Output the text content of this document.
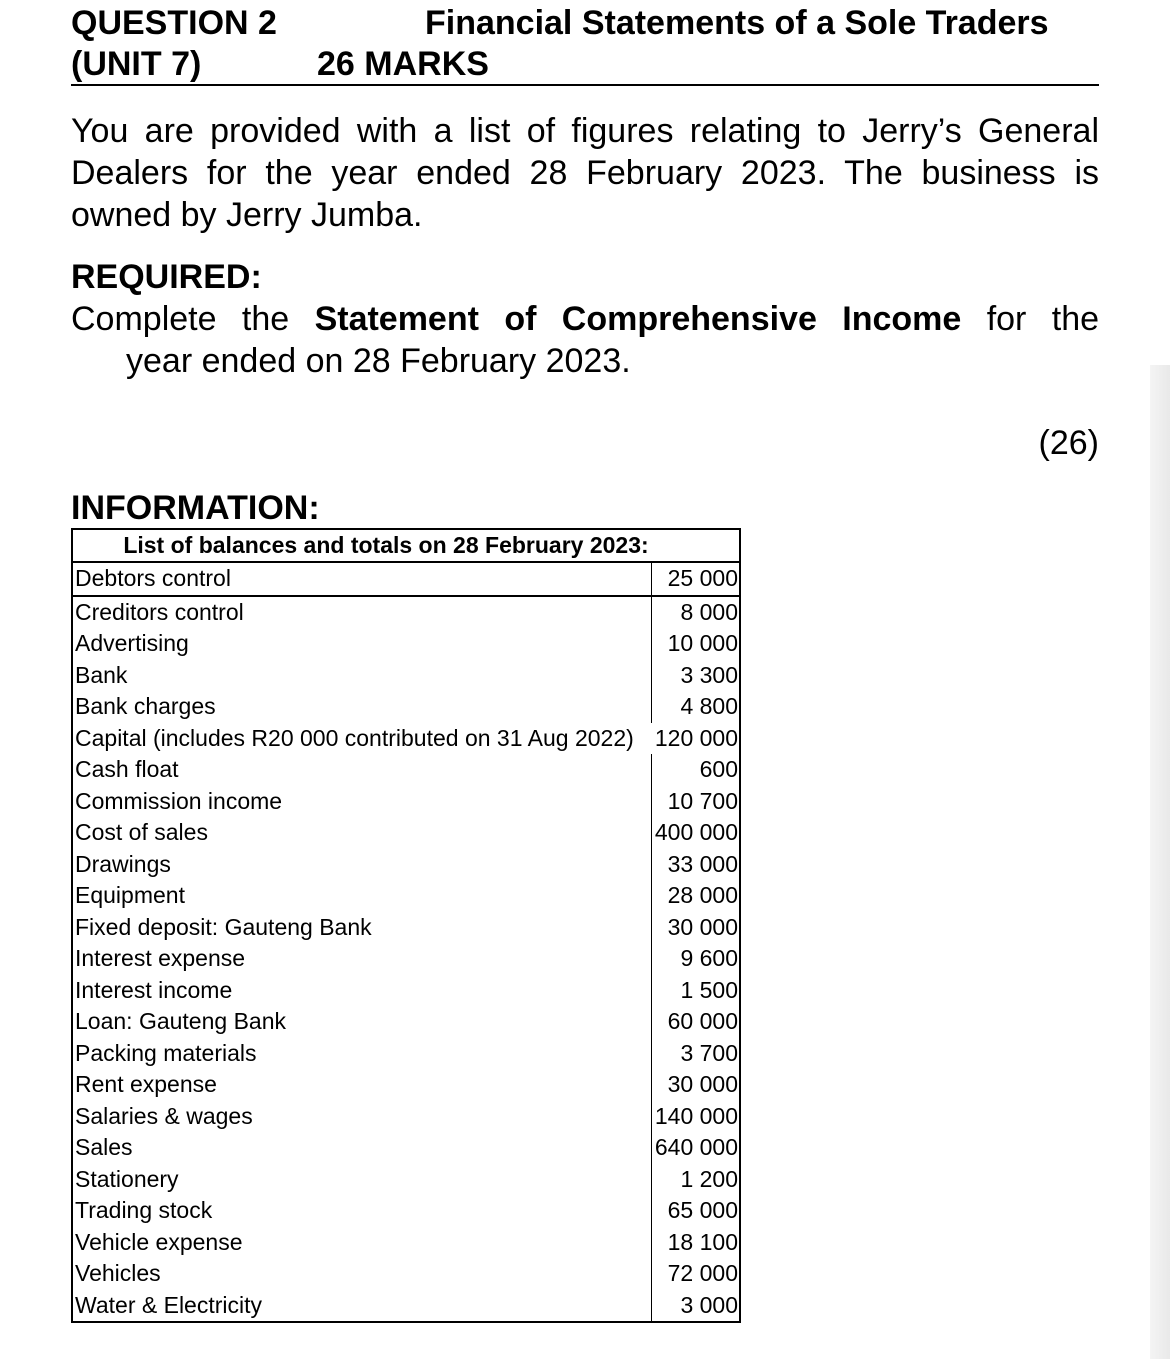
QUESTION 2	Financial Statements of a Sole Traders
(UNIT 7)	26 MARKS
You are provided with a list of figures relating to Jerry’s General Dealers for the year ended 28 February 2023. The business is owned by Jerry Jumba.
REQUIRED:
Complete the Statement of Comprehensive Income for the
year ended on 28 February 2023.
(26)
INFORMATION:
List of balances and totals on 28 February 2023:	
Debtors control	25 000
Creditors control	8 000
Advertising	10 000
Bank	3 300
Bank charges	4 800
Capital (includes R20 000 contributed on 31 Aug 2022)	120 000
Cash float	600
Commission income	10 700
Cost of sales	400 000
Drawings	33 000
Equipment	28 000
Fixed deposit: Gauteng Bank	30 000
Interest expense	9 600
Interest income	1 500
Loan: Gauteng Bank	60 000
Packing materials	3 700
Rent expense	30 000
Salaries & wages	140 000
Sales	640 000
Stationery	1 200
Trading stock	65 000
Vehicle expense	18 100
Vehicles	72 000
Water & Electricity	3 000
